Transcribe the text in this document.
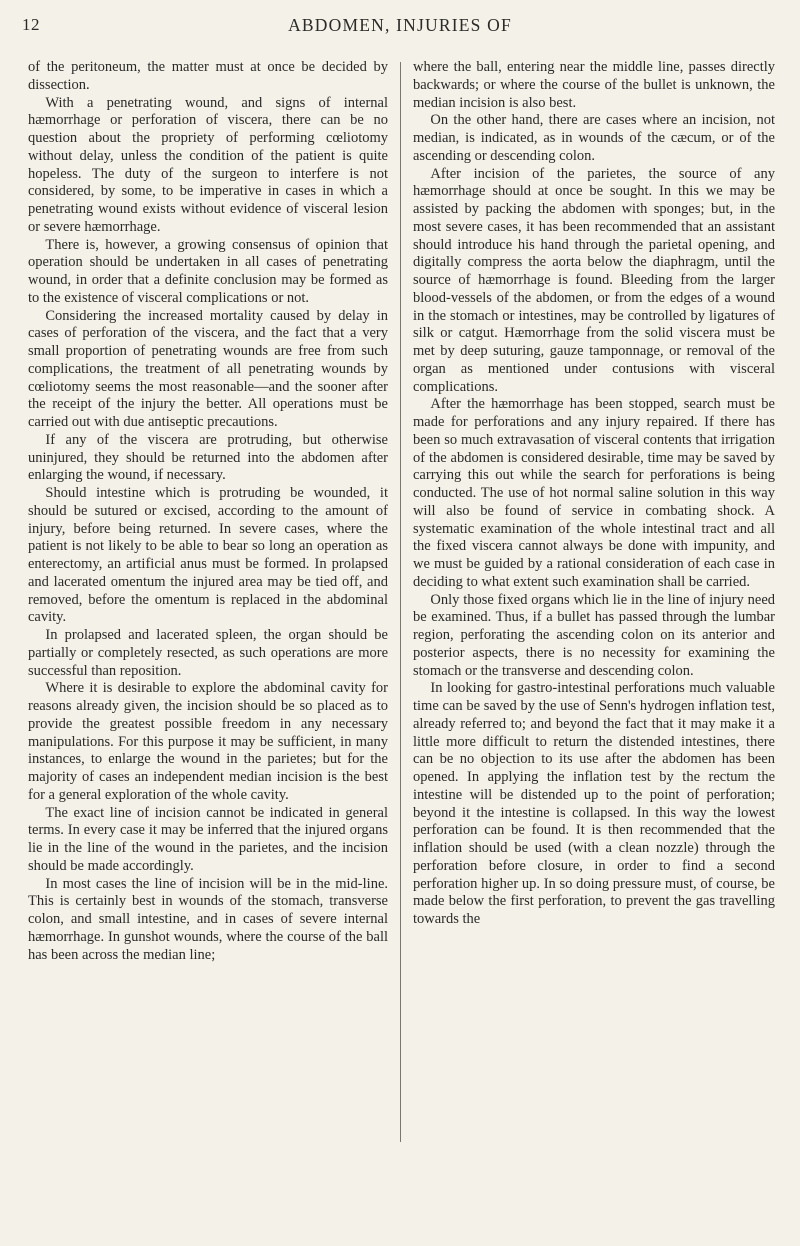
12	ABDOMEN, INJURIES OF

of the peritoneum, the matter must at once be decided by dissection.

With a penetrating wound, and signs of internal hæmorrhage or perforation of viscera, there can be no question about the propriety of performing cœliotomy without delay, unless the condition of the patient is quite hopeless. The duty of the surgeon to interfere is not considered, by some, to be imperative in cases in which a penetrating wound exists without evidence of visceral lesion or severe hæmorrhage.

There is, however, a growing consensus of opinion that operation should be undertaken in all cases of penetrating wound, in order that a definite conclusion may be formed as to the existence of visceral complications or not.

Considering the increased mortality caused by delay in cases of perforation of the viscera, and the fact that a very small proportion of penetrating wounds are free from such complications, the treatment of all penetrating wounds by cœliotomy seems the most reasonable—and the sooner after the receipt of the injury the better. All operations must be carried out with due antiseptic precautions.

If any of the viscera are protruding, but otherwise uninjured, they should be returned into the abdomen after enlarging the wound, if necessary.

Should intestine which is protruding be wounded, it should be sutured or excised, according to the amount of injury, before being returned. In severe cases, where the patient is not likely to be able to bear so long an operation as enterectomy, an artificial anus must be formed. In prolapsed and lacerated omentum the injured area may be tied off, and removed, before the omentum is replaced in the abdominal cavity.

In prolapsed and lacerated spleen, the organ should be partially or completely resected, as such operations are more successful than reposition.

Where it is desirable to explore the abdominal cavity for reasons already given, the incision should be so placed as to provide the greatest possible freedom in any necessary manipulations. For this purpose it may be sufficient, in many instances, to enlarge the wound in the parietes; but for the majority of cases an independent median incision is the best for a general exploration of the whole cavity.

The exact line of incision cannot be indicated in general terms. In every case it may be inferred that the injured organs lie in the line of the wound in the parietes, and the incision should be made accordingly.

In most cases the line of incision will be in the mid-line. This is certainly best in wounds of the stomach, transverse colon, and small intestine, and in cases of severe internal hæmorrhage. In gunshot wounds, where the course of the ball has been across the median line;

where the ball, entering near the middle line, passes directly backwards; or where the course of the bullet is unknown, the median incision is also best.

On the other hand, there are cases where an incision, not median, is indicated, as in wounds of the cæcum, or of the ascending or descending colon.

After incision of the parietes, the source of any hæmorrhage should at once be sought. In this we may be assisted by packing the abdomen with sponges; but, in the most severe cases, it has been recommended that an assistant should introduce his hand through the parietal opening, and digitally compress the aorta below the diaphragm, until the source of hæmorrhage is found. Bleeding from the larger blood-vessels of the abdomen, or from the edges of a wound in the stomach or intestines, may be controlled by ligatures of silk or catgut. Hæmorrhage from the solid viscera must be met by deep suturing, gauze tamponnage, or removal of the organ as mentioned under contusions with visceral complications.

After the hæmorrhage has been stopped, search must be made for perforations and any injury repaired. If there has been so much extravasation of visceral contents that irrigation of the abdomen is considered desirable, time may be saved by carrying this out while the search for perforations is being conducted. The use of hot normal saline solution in this way will also be found of service in combating shock. A systematic examination of the whole intestinal tract and all the fixed viscera cannot always be done with impunity, and we must be guided by a rational consideration of each case in deciding to what extent such examination shall be carried.

Only those fixed organs which lie in the line of injury need be examined. Thus, if a bullet has passed through the lumbar region, perforating the ascending colon on its anterior and posterior aspects, there is no necessity for examining the stomach or the transverse and descending colon.

In looking for gastro-intestinal perforations much valuable time can be saved by the use of Senn's hydrogen inflation test, already referred to; and beyond the fact that it may make it a little more difficult to return the distended intestines, there can be no objection to its use after the abdomen has been opened. In applying the inflation test by the rectum the intestine will be distended up to the point of perforation; beyond it the intestine is collapsed. In this way the lowest perforation can be found. It is then recommended that the inflation should be used (with a clean nozzle) through the perforation before closure, in order to find a second perforation higher up. In so doing pressure must, of course, be made below the first perforation, to prevent the gas travelling towards the
